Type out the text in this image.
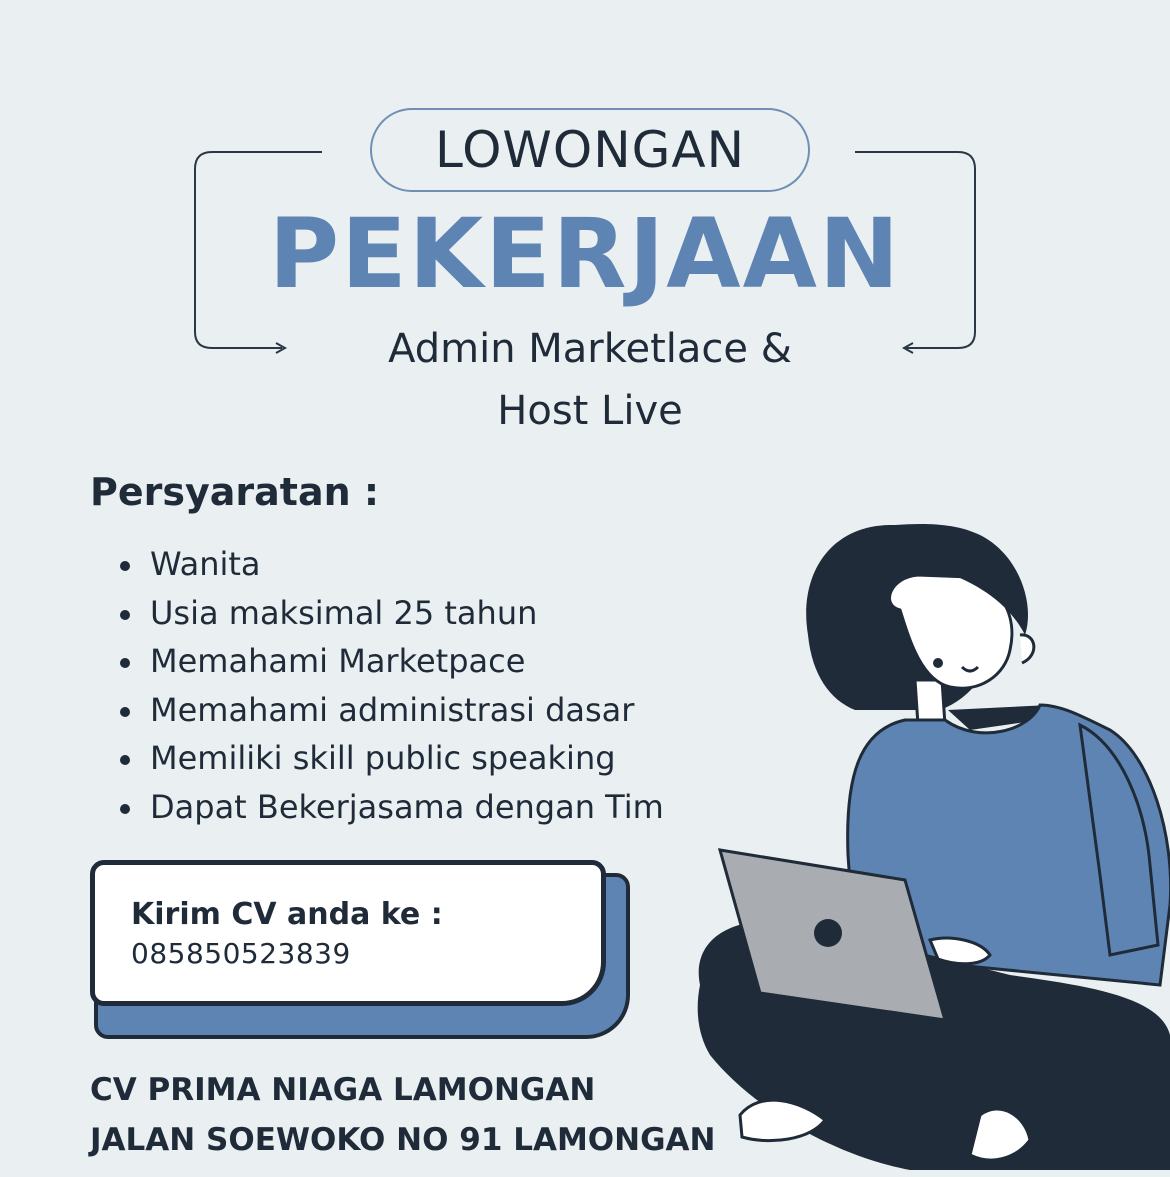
LOWONGAN
PEKERJAAN
Admin Marketlace &
Host Live
Persyaratan :
Wanita
Usia maksimal 25 tahun
Memahami Marketpace
Memahami administrasi dasar
Memiliki skill public speaking
Dapat Bekerjasama dengan Tim
Kirim CV anda ke :
085850523839
CV PRIMA NIAGA LAMONGAN
JALAN SOEWOKO NO 91 LAMONGAN
